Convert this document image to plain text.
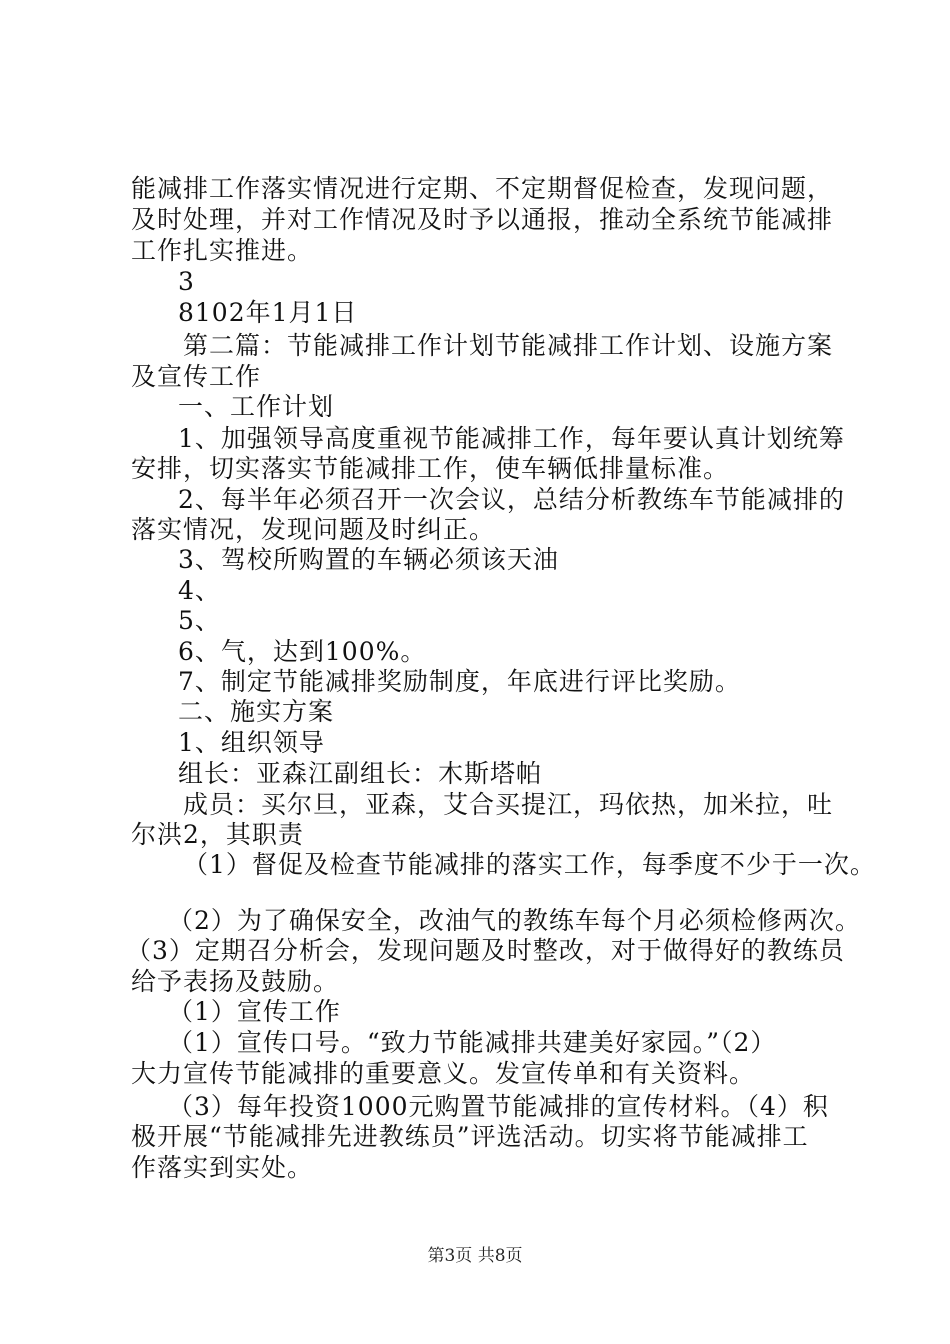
能减排工作落实情况进行定期、不定期督促检查，发现问题，
及时处理，并对工作情况及时予以通报，推动全系统节能减排
工作扎实推进。
3
8102年1月1日
第二篇：节能减排工作计划节能减排工作计划、设施方案
及宣传工作
一、工作计划
1、加强领导高度重视节能减排工作，每年要认真计划统筹
安排，切实落实节能减排工作，使车辆低排量标准。
2、每半年必须召开一次会议，总结分析教练车节能减排的
落实情况，发现问题及时纠正。
3、驾校所购置的车辆必须该天油
4、
5、
6、气，达到100%。
7、制定节能减排奖励制度，年底进行评比奖励。
二、施实方案
1、组织领导
组长：亚森江副组长：木斯塔帕
成员：买尔旦，亚森，艾合买提江，玛依热，加米拉，吐
尔洪2，其职责
（1）督促及检查节能减排的落实工作，每季度不少于一次。
（2）为了确保安全，改油气的教练车每个月必须检修两次。
（3）定期召分析会，发现问题及时整改，对于做得好的教练员
给予表扬及鼓励。
（1）宣传工作
（1）宣传口号。“致力节能减排共建美好家园。”（2）
大力宣传节能减排的重要意义。发宣传单和有关资料。
（3）每年投资1000元购置节能减排的宣传材料。（4）积
极开展“节能减排先进教练员”评选活动。切实将节能减排工
作落实到实处。
第3页 共8页
